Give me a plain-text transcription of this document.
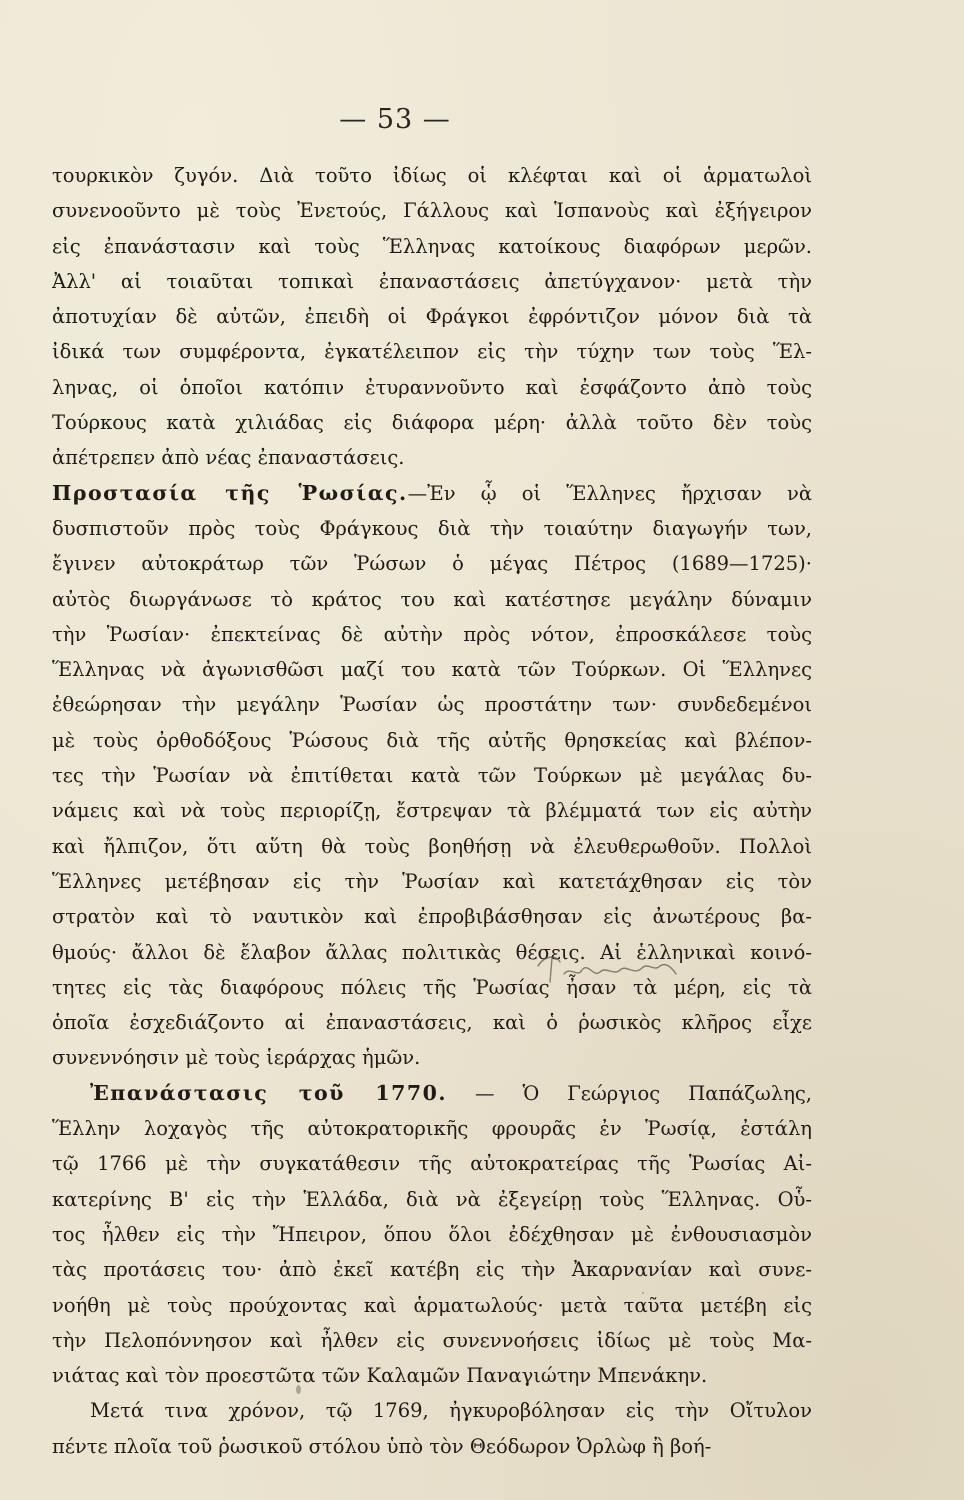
— 53 —
τουρκικὸν ζυγόν. Διὰ τοῦτο ἰδίως οἱ κλέφται καὶ οἱ ἁρματωλοὶ
συνενοοῦντο μὲ τοὺς Ἐνετούς, Γάλλους καὶ Ἱσπανοὺς καὶ ἐξήγειρον
εἰς ἐπανάστασιν καὶ τοὺς Ἕλληνας κατοίκους διαφόρων μερῶν.
Ἀλλ' αἱ τοιαῦται τοπικαὶ ἐπαναστάσεις ἀπετύγχανον· μετὰ τὴν
ἀποτυχίαν δὲ αὐτῶν, ἐπειδὴ οἱ Φράγκοι ἐφρόντιζον μόνον διὰ τὰ
ἰδικά των συμφέροντα, ἐγκατέλειπον εἰς τὴν τύχην των τοὺς Ἕλ-
ληνας, οἱ ὁποῖοι κατόπιν ἐτυραννοῦντο καὶ ἐσφάζοντο ἀπὸ τοὺς
Τούρκους κατὰ χιλιάδας εἰς διάφορα μέρη· ἀλλὰ τοῦτο δὲν τοὺς
ἀπέτρεπεν ἀπὸ νέας ἐπαναστάσεις.
Προστασία τῆς Ῥωσίας.—Ἐν ᾧ οἱ Ἕλληνες ἤρχισαν νὰ
δυσπιστοῦν πρὸς τοὺς Φράγκους διὰ τὴν τοιαύτην διαγωγήν των,
ἔγινεν αὐτοκράτωρ τῶν Ῥώσων ὁ μέγας Πέτρος (1689—1725)·
αὐτὸς διωργάνωσε τὸ κράτος του καὶ κατέστησε μεγάλην δύναμιν
τὴν Ῥωσίαν· ἐπεκτείνας δὲ αὐτὴν πρὸς νότον, ἐπροσκάλεσε τοὺς
Ἕλληνας νὰ ἀγωνισθῶσι μαζί του κατὰ τῶν Τούρκων. Οἱ Ἕλληνες
ἐθεώρησαν τὴν μεγάλην Ῥωσίαν ὡς προστάτην των· συνδεδεμένοι
μὲ τοὺς ὀρθοδόξους Ῥώσους διὰ τῆς αὐτῆς θρησκείας καὶ βλέπον-
τες τὴν Ῥωσίαν νὰ ἐπιτίθεται κατὰ τῶν Τούρκων μὲ μεγάλας δυ-
νάμεις καὶ νὰ τοὺς περιορίζῃ, ἔστρεψαν τὰ βλέμματά των εἰς αὐτὴν
καὶ ἤλπιζον, ὅτι αὕτη θὰ τοὺς βοηθήσῃ νὰ ἐλευθερωθοῦν. Πολλοὶ
Ἕλληνες μετέβησαν εἰς τὴν Ῥωσίαν καὶ κατετάχθησαν εἰς τὸν
στρατὸν καὶ τὸ ναυτικὸν καὶ ἐπροβιβάσθησαν εἰς ἀνωτέρους βα-
θμούς· ἄλλοι δὲ ἔλαβον ἄλλας πολιτικὰς θέσεις. Αἱ ἑλληνικαὶ κοινό-
τητες εἰς τὰς διαφόρους πόλεις τῆς Ῥωσίας ἦσαν τὰ μέρη, εἰς τὰ
ὁποῖα ἐσχεδιάζοντο αἱ ἐπαναστάσεις, καὶ ὁ ῥωσικὸς κλῆρος εἶχε
συνεννόησιν μὲ τοὺς ἱεράρχας ἡμῶν.
Ἐπανάστασις τοῦ 1770. — Ὁ Γεώργιος Παπάζωλης,
Ἕλλην λοχαγὸς τῆς αὐτοκρατορικῆς φρουρᾶς ἐν Ῥωσίᾳ, ἐστάλη
τῷ 1766 μὲ τὴν συγκατάθεσιν τῆς αὐτοκρατείρας τῆς Ῥωσίας Αἰ-
κατερίνης Β' εἰς τὴν Ἑλλάδα, διὰ νὰ ἐξεγείρῃ τοὺς Ἕλληνας. Οὗ-
τος ἦλθεν εἰς τὴν Ἤπειρον, ὅπου ὅλοι ἐδέχθησαν μὲ ἐνθουσιασμὸν
τὰς προτάσεις του· ἀπὸ ἐκεῖ κατέβη εἰς τὴν Ἀκαρνανίαν καὶ συνε-
νοήθη μὲ τοὺς προύχοντας καὶ ἁρματωλούς· μετὰ ταῦτα μετέβη εἰς
τὴν Πελοπόννησον καὶ ἦλθεν εἰς συνεννοήσεις ἰδίως μὲ τοὺς Μα-
νιάτας καὶ τὸν προεστῶτα τῶν Καλαμῶν Παναγιώτην Μπενάκην.
Μετά τινα χρόνον, τῷ 1769, ἠγκυροβόλησαν εἰς τὴν Οἴτυλον
πέντε πλοῖα τοῦ ῥωσικοῦ στόλου ὑπὸ τὸν Θεόδωρον Ὀρλὼφ ἢ βοή-
